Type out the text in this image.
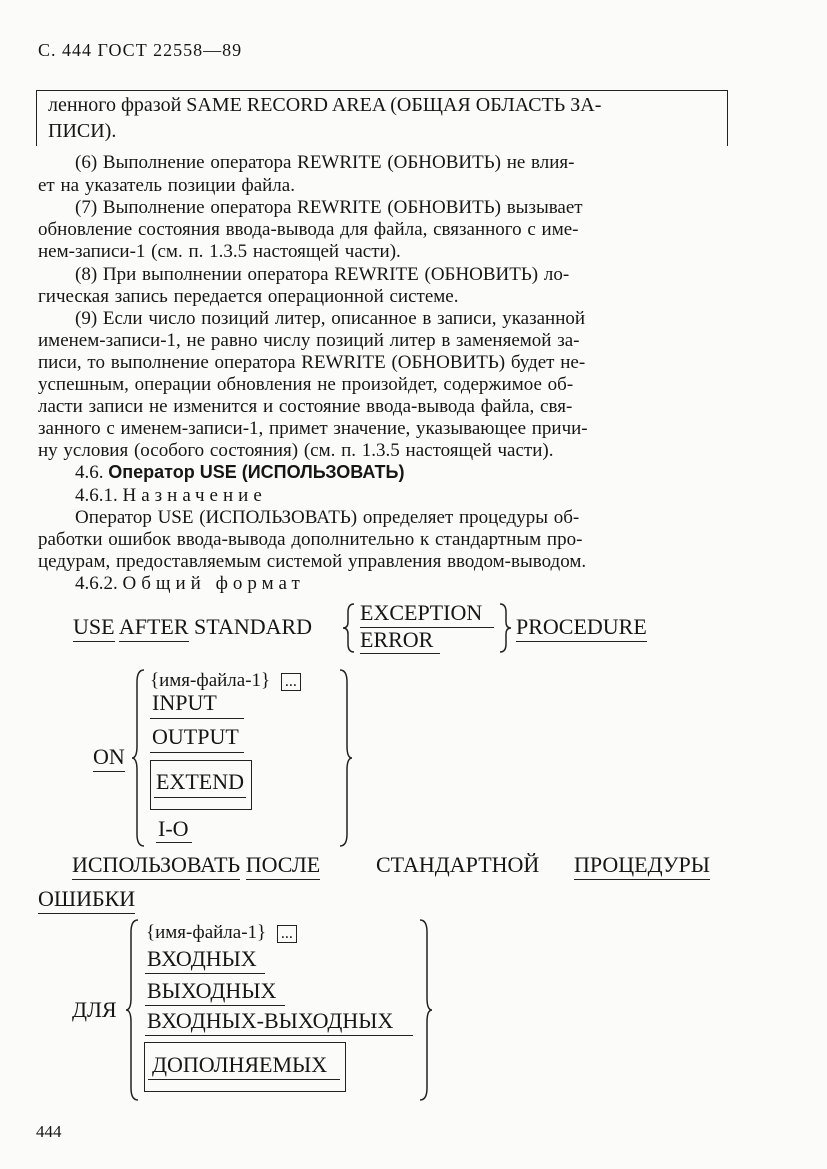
С. 444 ГОСТ 22558—89
ленного фразой SAME RECORD AREA (ОБЩАЯ ОБЛАСТЬ ЗА-
ПИСИ).
(6) Выполнение оператора REWRITE (ОБНОВИТЬ) не влия-
ет на указатель позиции файла.
(7) Выполнение оператора REWRITE (ОБНОВИТЬ) вызывает
обновление состояния ввода-вывода для файла, связанного с име-
нем-записи-1 (см. п. 1.3.5 настоящей части).
(8) При выполнении оператора REWRITE (ОБНОВИТЬ) ло-
гическая запись передается операционной системе.
(9) Если число позиций литер, описанное в записи, указанной
именем-записи-1, не равно числу позиций литер в заменяемой за-
писи, то выполнение оператора REWRITE (ОБНОВИТЬ) будет не-
успешным, операции обновления не произойдет, содержимое об-
ласти записи не изменится и состояние ввода-вывода файла, свя-
занного с именем-записи-1, примет значение, указывающее причи-
ну условия (особого состояния) (см. п. 1.3.5 настоящей части).
4.6. Оператор USE (ИСПОЛЬЗОВАТЬ)
4.6.1. Назначение
Оператор USE (ИСПОЛЬЗОВАТЬ) определяет процедуры об-
работки ошибок ввода-вывода дополнительно к стандартным про-
цедурам, предоставляемым системой управления вводом-выводом.
4.6.2. Общий формат
USE AFTER STANDARD
EXCEPTION
ERROR
PROCEDURE
ON
{имя-файла-1} ...
INPUT
OUTPUT
EXTEND
I-O
ИСПОЛЬЗОВАТЬ ПОСЛЕ	СТАНДАРТНОЙ ПРОЦЕДУРЫ
ОШИБКИ
ДЛЯ
{имя-файла-1} ...
ВХОДНЫХ
ВЫХОДНЫХ
ВХОДНЫХ-ВЫХОДНЫХ
ДОПОЛНЯЕМЫХ
444
